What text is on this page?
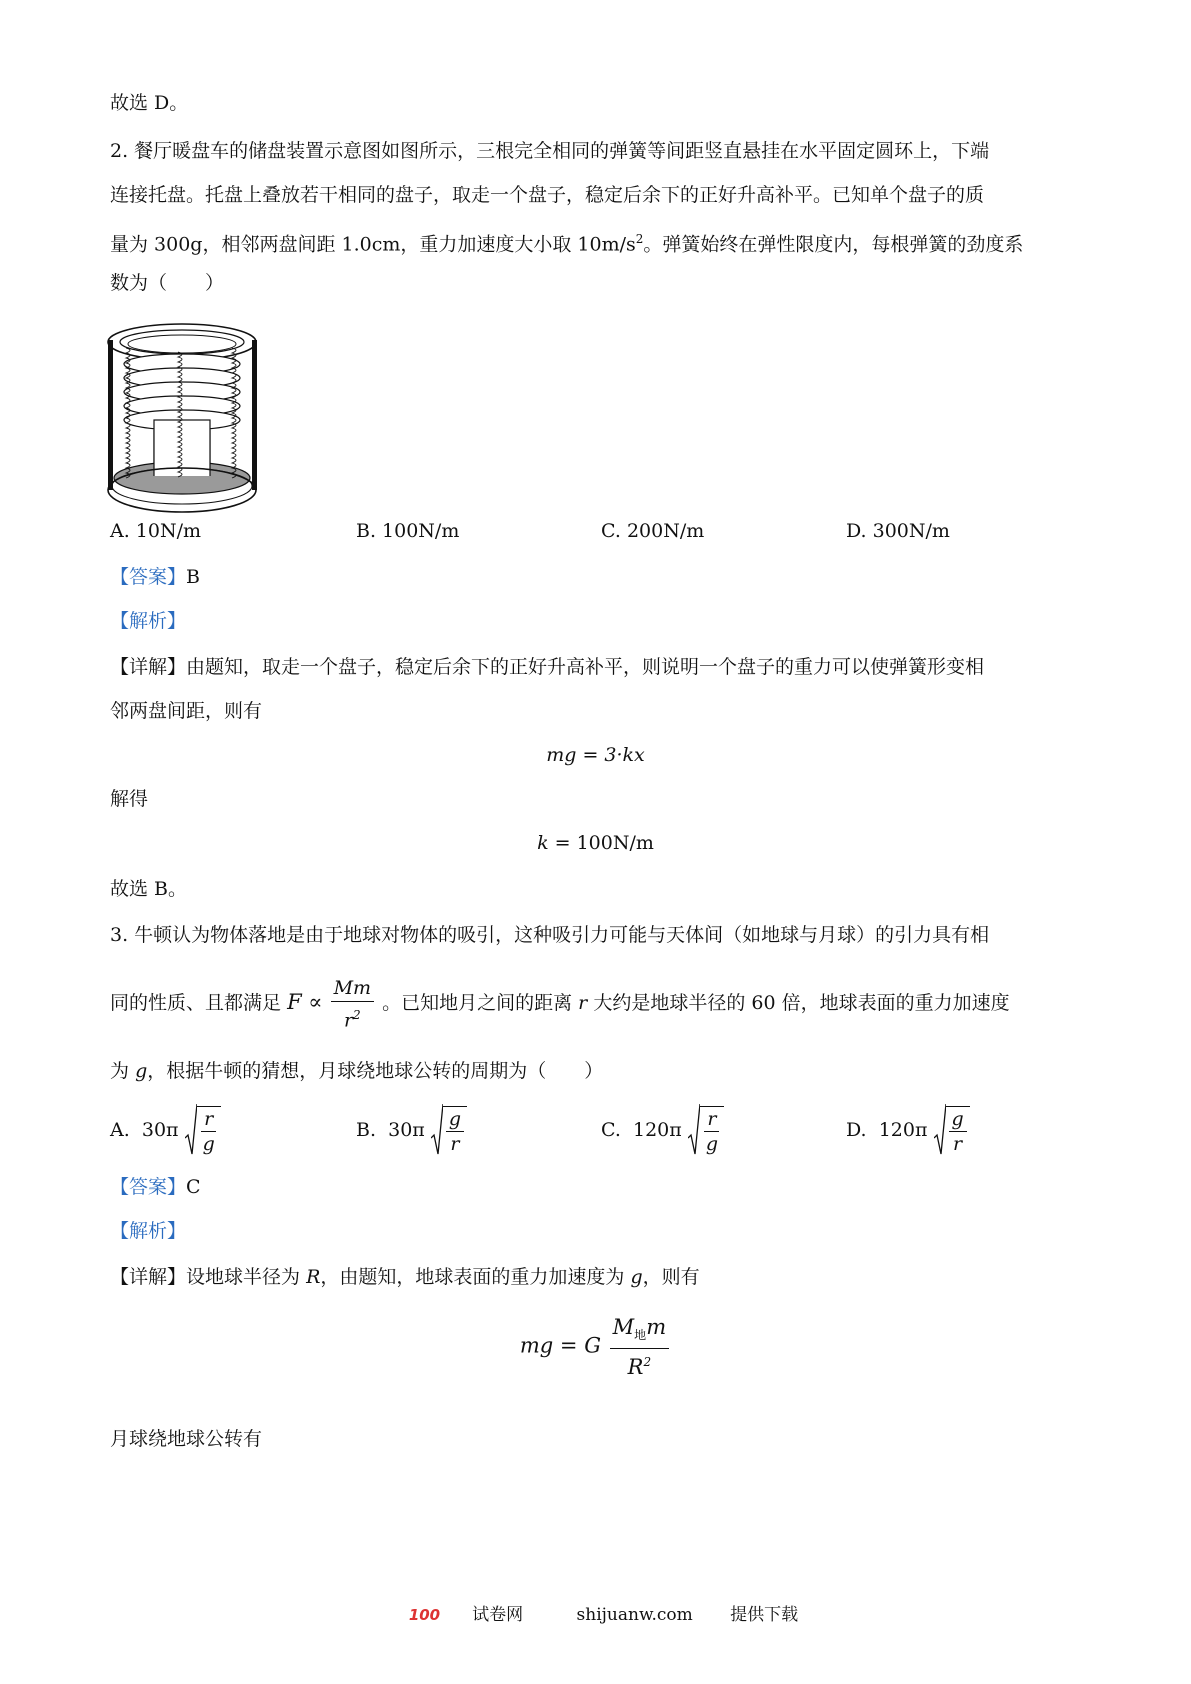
故选 D。
2. 餐厅暖盘车的储盘装置示意图如图所示，三根完全相同的弹簧等间距竖直悬挂在水平固定圆环上，下端
连接托盘。托盘上叠放若干相同的盘子，取走一个盘子，稳定后余下的正好升高补平。已知单个盘子的质
量为 300g，相邻两盘间距 1.0cm，重力加速度大小取 $10m/s^2$。弹簧始终在弹性限度内，每根弹簧的劲度系
数为（　　）
A. 10N/m	B. 100N/m	C. 200N/m	D. 300N/m
【答案】B
【解析】
【详解】由题知，取走一个盘子，稳定后余下的正好升高补平，则说明一个盘子的重力可以使弹簧形变相
邻两盘间距，则有
mg = 3·kx
解得
k = 100N/m
故选 B。
3. 牛顿认为物体落地是由于地球对物体的吸引，这种吸引力可能与天体间（如地球与月球）的引力具有相
同的性质、且都满足 $F \propto \frac{Mm}{r^2}$ 。已知地月之间的距离 r 大约是地球半径的 60 倍，地球表面的重力加速度
为 g，根据牛顿的猜想，月球绕地球公转的周期为（　　）
A. $30\pi \frac{r}{g}$	B. $30\pi \frac{g}{r}$	C. $120\pi \frac{r}{g}$	D. $120\pi \frac{g}{r}$
【答案】C
【解析】
【详解】设地球半径为 R，由题知，地球表面的重力加速度为 g，则有
mg = G $\frac{M_地m}{R^2}$
月球绕地球公转有
100 试卷网	shijuanw.com 提供下载
